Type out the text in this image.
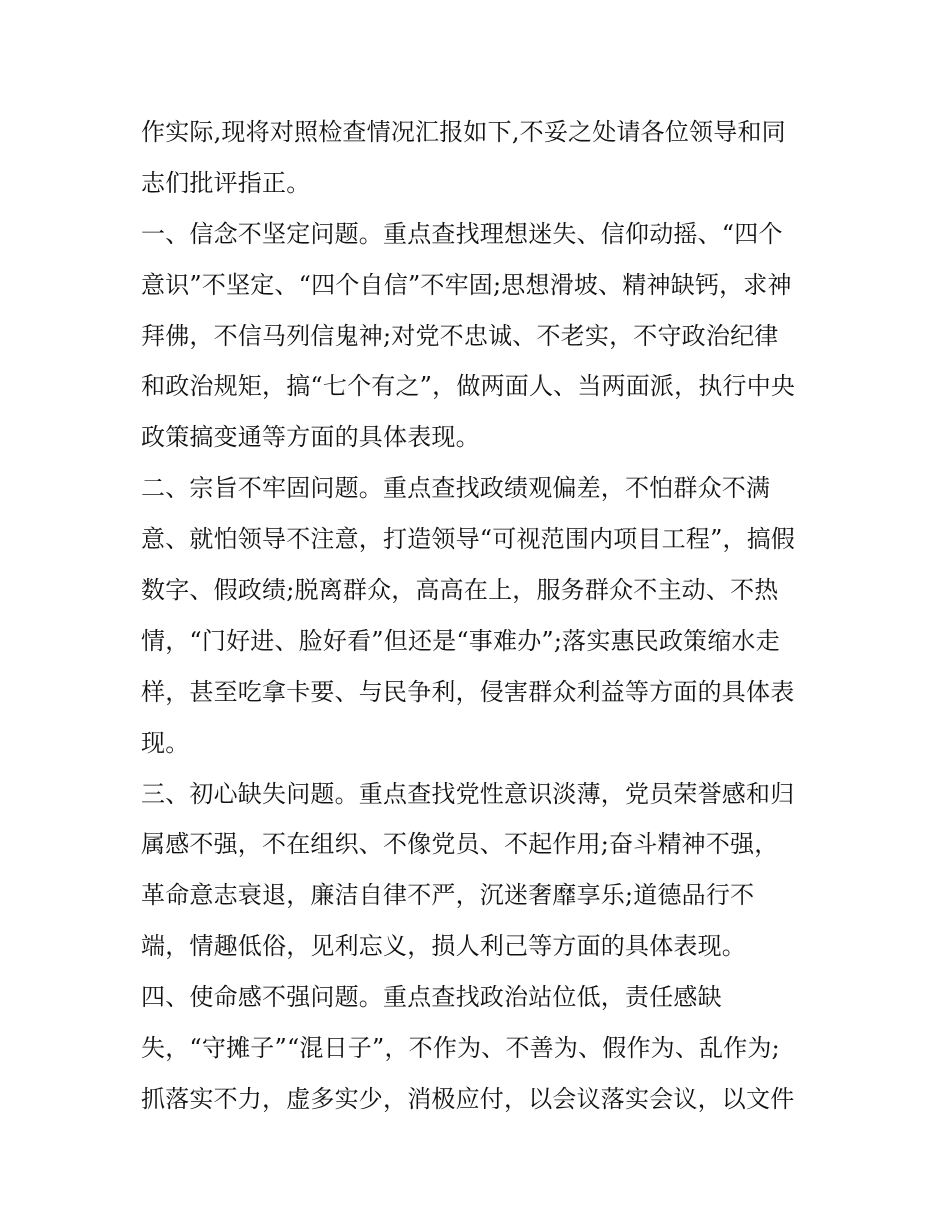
作实际,现将对照检查情况汇报如下,不妥之处请各位领导和同
志们批评指正。
一、信念不坚定问题。重点查找理想迷失、信仰动摇、“四个
意识”不坚定、“四个自信”不牢固;思想滑坡、精神缺钙，求神
拜佛，不信马列信鬼神;对党不忠诚、不老实，不守政治纪律
和政治规矩，搞“七个有之”，做两面人、当两面派，执行中央
政策搞变通等方面的具体表现。
二、宗旨不牢固问题。重点查找政绩观偏差，不怕群众不满
意、就怕领导不注意，打造领导“可视范围内项目工程”，搞假
数字、假政绩;脱离群众，高高在上，服务群众不主动、不热
情，“门好进、脸好看”但还是“事难办”;落实惠民政策缩水走
样，甚至吃拿卡要、与民争利，侵害群众利益等方面的具体表
现。
三、初心缺失问题。重点查找党性意识淡薄，党员荣誉感和归
属感不强，不在组织、不像党员、不起作用;奋斗精神不强，
革命意志衰退，廉洁自律不严，沉迷奢靡享乐;道德品行不
端，情趣低俗，见利忘义，损人利己等方面的具体表现。
四、使命感不强问题。重点查找政治站位低，责任感缺
失，“守摊子”“混日子”，不作为、不善为、假作为、乱作为;
抓落实不力，虚多实少，消极应付，以会议落实会议，以文件
